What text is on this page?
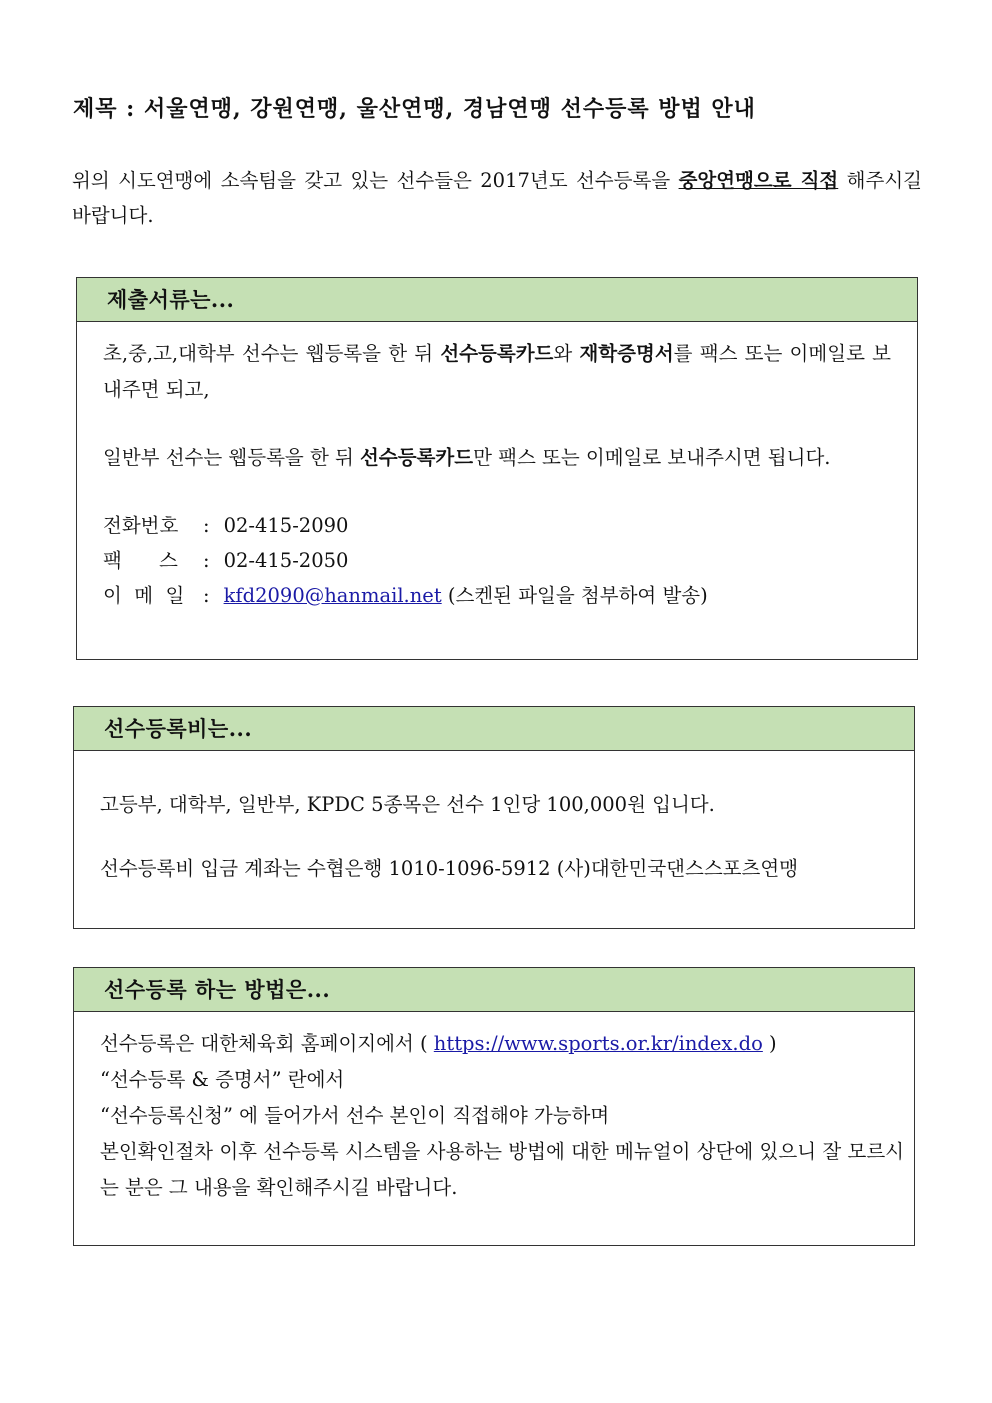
제목 : 서울연맹, 강원연맹, 울산연맹, 경남연맹 선수등록 방법 안내
위의 시도연맹에 소속팀을 갖고 있는 선수들은 2017년도 선수등록을 중앙연맹으로 직접 해주시길 바랍니다.
제출서류는...
초,중,고,대학부 선수는 웹등록을 한 뒤 선수등록카드와 재학증명서를 팩스 또는 이메일로 보내주면 되고,
일반부 선수는 웹등록을 한 뒤 선수등록카드만 팩스 또는 이메일로 보내주시면 됩니다.
전화번호 : 02-415-2090
팩      스 : 02-415-2050
이  메  일 : kfd2090@hanmail.net (스켄된 파일을 첨부하여 발송)
선수등록비는...
고등부, 대학부, 일반부, KPDC 5종목은 선수 1인당 100,000원 입니다.
선수등록비 입금 계좌는 수협은행 1010-1096-5912 (사)대한민국댄스스포츠연맹
선수등록 하는 방법은...
선수등록은 대한체육회 홈페이지에서 ( https://www.sports.or.kr/index.do )
“선수등록 & 증명서” 란에서
“선수등록신청” 에 들어가서 선수 본인이 직접해야 가능하며
본인확인절차 이후 선수등록 시스템을 사용하는 방법에 대한 메뉴얼이 상단에 있으니 잘 모르시는 분은 그 내용을 확인해주시길 바랍니다.
